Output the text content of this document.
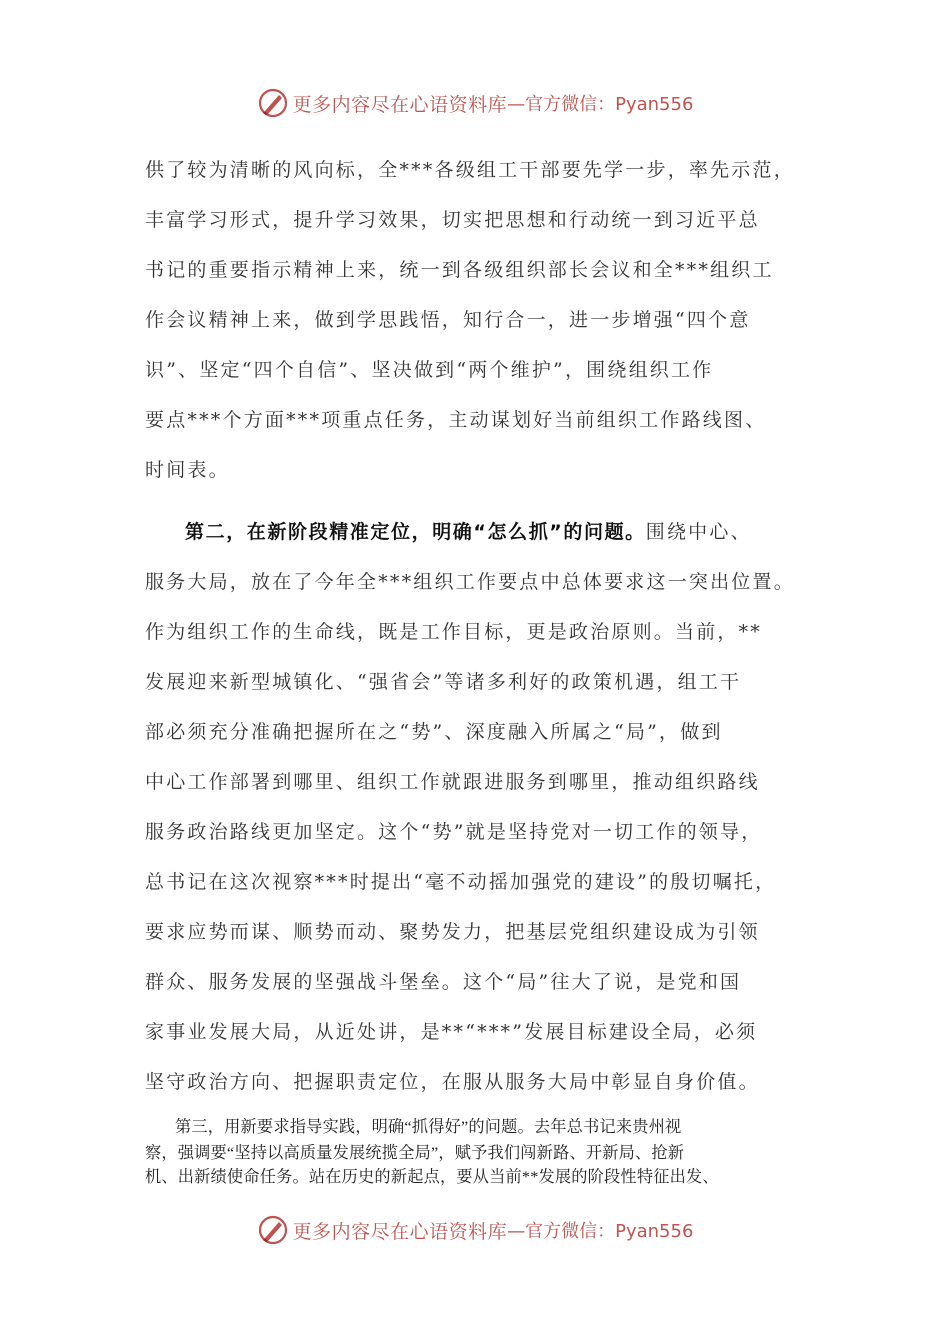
更多内容尽在心语资料库 —官方微信：Pyan556
供了较为清晰的风向标，全***各级组工干部要先学一步，率先示范，
丰富学习形式，提升学习效果，切实把思想和行动统一到习近平总
书记的重要指示精神上来，统一到各级组织部长会议和全***组织工
作会议精神上来，做到学思践悟，知行合一，进一步增强“四个意
识”、坚定“四个自信”、坚决做到“两个维护”，围绕组织工作
要点***个方面***项重点任务，主动谋划好当前组织工作路线图、
时间表。
第二，在新阶段精准定位，明确“怎么抓”的问题。围绕中心、
服务大局，放在了今年全***组织工作要点中总体要求这一突出位置。
作为组织工作的生命线，既是工作目标，更是政治原则。当前，**
发展迎来新型城镇化、“强省会”等诸多利好的政策机遇，组工干
部必须充分准确把握所在之“势”、深度融入所属之“局”，做到
中心工作部署到哪里、组织工作就跟进服务到哪里，推动组织路线
服务政治路线更加坚定。这个“势”就是坚持党对一切工作的领导，
总书记在这次视察***时提出“毫不动摇加强党的建设”的殷切嘱托，
要求应势而谋、顺势而动、聚势发力，把基层党组织建设成为引领
群众、服务发展的坚强战斗堡垒。这个“局”往大了说，是党和国
家事业发展大局，从近处讲，是**“***”发展目标建设全局，必须
坚守政治方向、把握职责定位，在服从服务大局中彰显自身价值。
第三，用新要求指导实践，明确“抓得好”的问题。去年总书记来贵州视
察，强调要“坚持以高质量发展统揽全局”，赋予我们闯新路、开新局、抢新
机、出新绩使命任务。站在历史的新起点，要从当前**发展的阶段性特征出发、
更多内容尽在心语资料库 —官方微信：Pyan556
